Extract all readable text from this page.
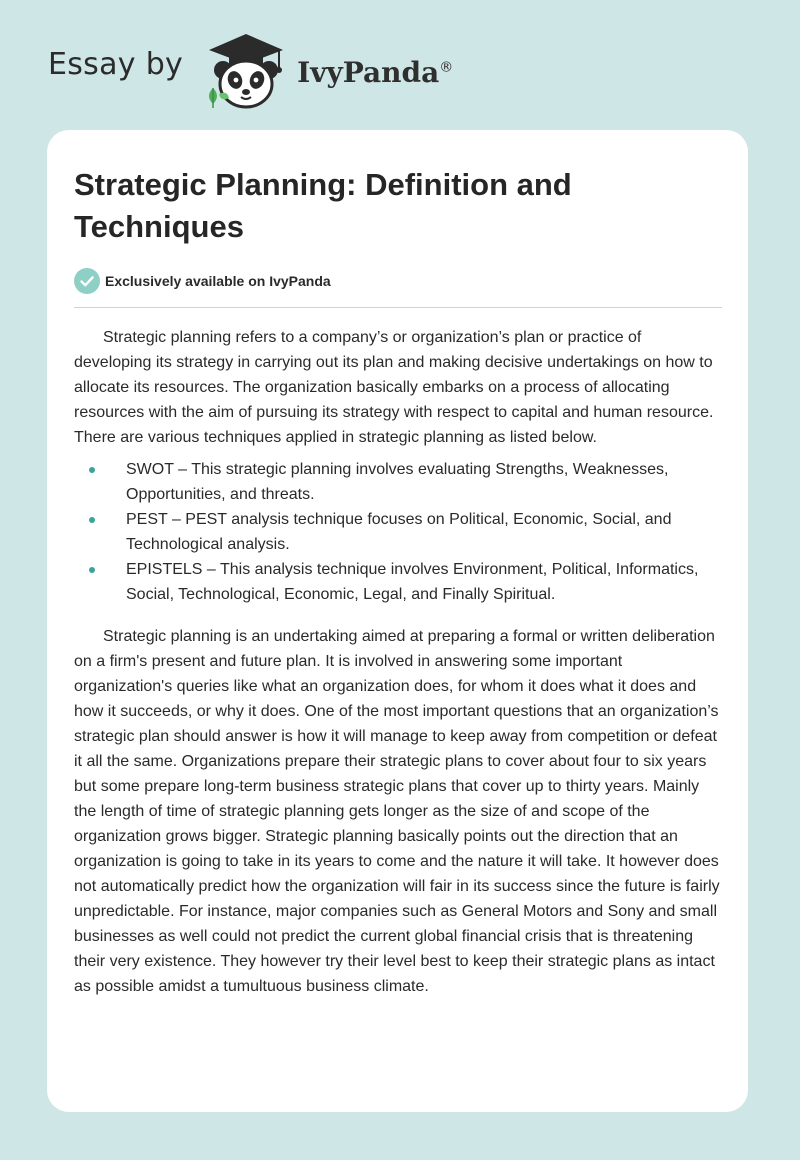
Essay by	IvyPanda®
Strategic Planning: Definition and Techniques
Exclusively available on IvyPanda

Strategic planning refers to a company’s or organization’s plan or practice of developing its strategy in carrying out its plan and making decisive undertakings on how to allocate its resources. The organization basically embarks on a process of allocating resources with the aim of pursuing its strategy with respect to capital and human resource. There are various techniques applied in strategic planning as listed below.

SWOT – This strategic planning involves evaluating Strengths, Weaknesses, Opportunities, and threats.
PEST – PEST analysis technique focuses on Political, Economic, Social, and Technological analysis.
EPISTELS – This analysis technique involves Environment, Political, Informatics, Social, Technological, Economic, Legal, and Finally Spiritual.

Strategic planning is an undertaking aimed at preparing a formal or written deliberation on a firm's present and future plan. It is involved in answering some important organization's queries like what an organization does, for whom it does what it does and how it succeeds, or why it does. One of the most important questions that an organization’s strategic plan should answer is how it will manage to keep away from competition or defeat it all the same. Organizations prepare their strategic plans to cover about four to six years but some prepare long-term business strategic plans that cover up to thirty years. Mainly the length of time of strategic planning gets longer as the size of and scope of the organization grows bigger. Strategic planning basically points out the direction that an organization is going to take in its years to come and the nature it will take. It however does not automatically predict how the organization will fair in its success since the future is fairly unpredictable. For instance, major companies such as General Motors and Sony and small businesses as well could not predict the current global financial crisis that is threatening their very existence. They however try their level best to keep their strategic plans as intact as possible amidst a tumultuous business climate.
